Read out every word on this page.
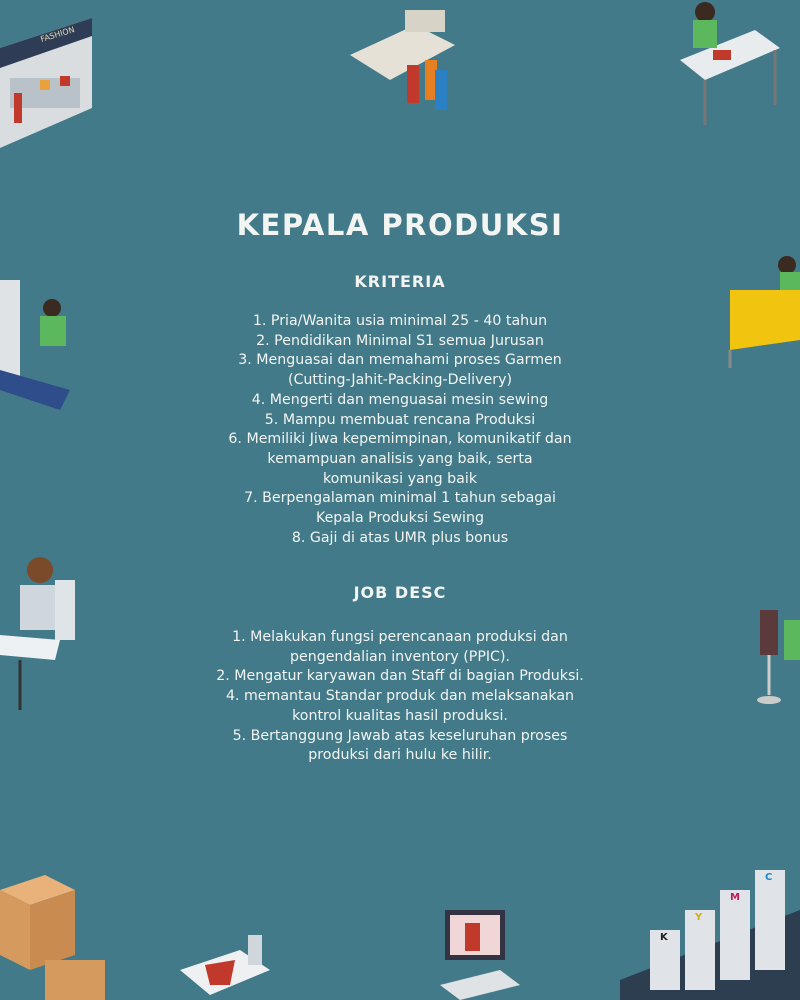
KEPALA PRODUKSI
KRITERIA
1. Pria/Wanita usia minimal 25 - 40 tahun
2. Pendidikan Minimal S1 semua Jurusan
3. Menguasai dan memahami proses Garmen
(Cutting-Jahit-Packing-Delivery)
4. Mengerti dan menguasai mesin sewing
5. Mampu membuat rencana Produksi
6. Memiliki Jiwa kepemimpinan, komunikatif dan
kemampuan analisis yang baik, serta
komunikasi yang baik
7. Berpengalaman minimal 1 tahun sebagai
Kepala Produksi Sewing
8. Gaji di atas UMR plus bonus
JOB DESC
1. Melakukan fungsi perencanaan produksi dan
pengendalian inventory (PPIC).
2. Mengatur karyawan dan Staff di bagian Produksi.
4. memantau Standar produk dan melaksanakan
kontrol kualitas hasil produksi.
5. Bertanggung Jawab atas keseluruhan proses
produksi dari hulu ke hilir.
FASHION
K
Y
M
C
